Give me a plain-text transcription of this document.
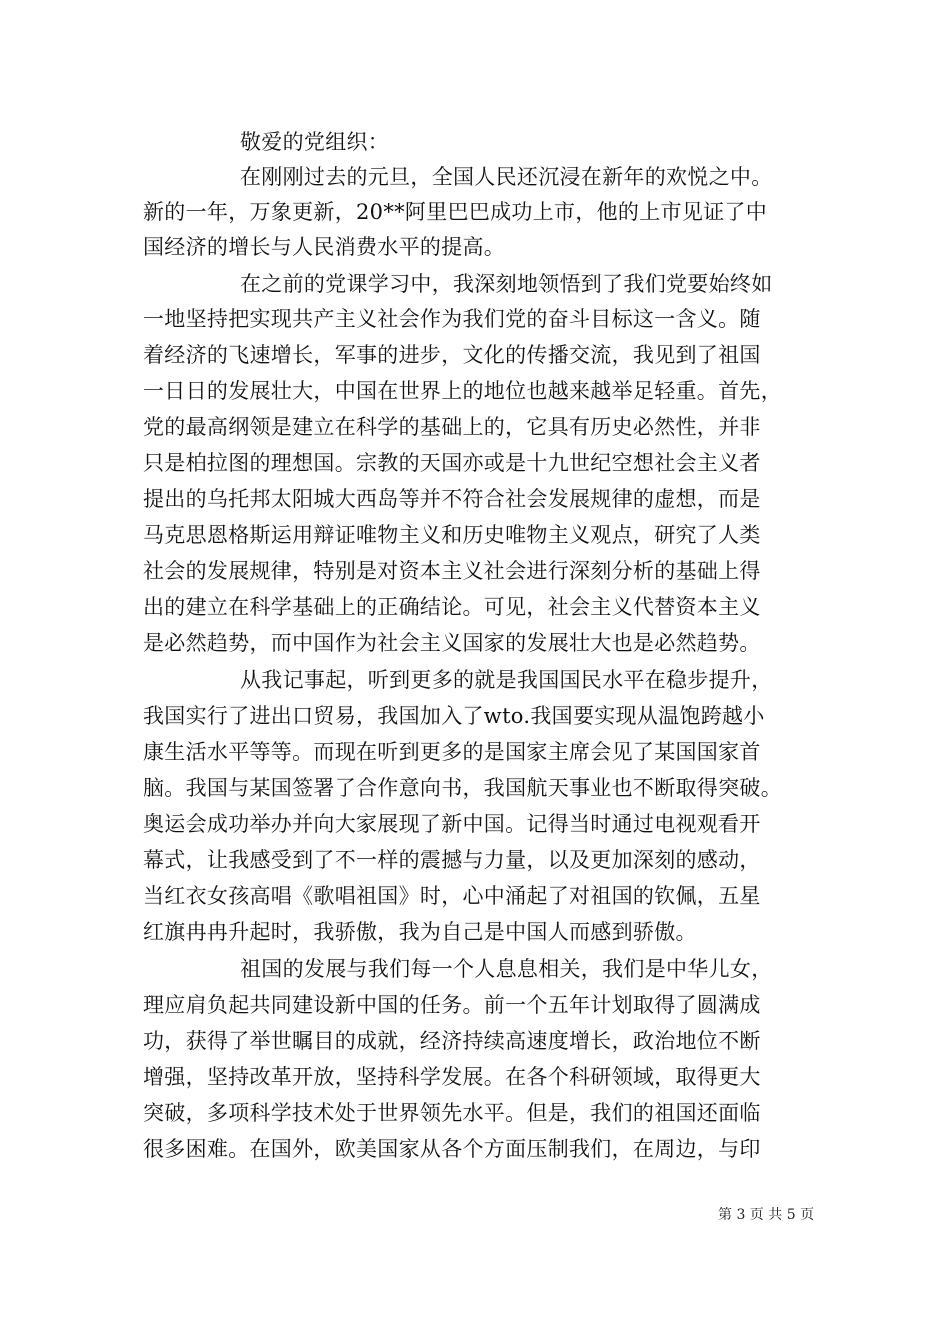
敬爱的党组织：
在刚刚过去的元旦，全国人民还沉浸在新年的欢悦之中。
新的一年，万象更新，20**阿里巴巴成功上市，他的上市见证了中
国经济的增长与人民消费水平的提高。
在之前的党课学习中，我深刻地领悟到了我们党要始终如
一地坚持把实现共产主义社会作为我们党的奋斗目标这一含义。随
着经济的飞速增长，军事的进步，文化的传播交流，我见到了祖国
一日日的发展壮大，中国在世界上的地位也越来越举足轻重。首先，
党的最高纲领是建立在科学的基础上的，它具有历史必然性，并非
只是柏拉图的理想国。宗教的天国亦或是十九世纪空想社会主义者
提出的乌托邦太阳城大西岛等并不符合社会发展规律的虚想，而是
马克思恩格斯运用辩证唯物主义和历史唯物主义观点，研究了人类
社会的发展规律，特别是对资本主义社会进行深刻分析的基础上得
出的建立在科学基础上的正确结论。可见，社会主义代替资本主义
是必然趋势，而中国作为社会主义国家的发展壮大也是必然趋势。
从我记事起，听到更多的就是我国国民水平在稳步提升，
我国实行了进出口贸易，我国加入了wto.我国要实现从温饱跨越小
康生活水平等等。而现在听到更多的是国家主席会见了某国国家首
脑。我国与某国签署了合作意向书，我国航天事业也不断取得突破。
奥运会成功举办并向大家展现了新中国。记得当时通过电视观看开
幕式，让我感受到了不一样的震撼与力量，以及更加深刻的感动，
当红衣女孩高唱《歌唱祖国》时，心中涌起了对祖国的钦佩，五星
红旗冉冉升起时，我骄傲，我为自己是中国人而感到骄傲。
祖国的发展与我们每一个人息息相关，我们是中华儿女，
理应肩负起共同建设新中国的任务。前一个五年计划取得了圆满成
功，获得了举世瞩目的成就，经济持续高速度增长，政治地位不断
增强，坚持改革开放，坚持科学发展。在各个科研领域，取得更大
突破，多项科学技术处于世界领先水平。但是，我们的祖国还面临
很多困难。在国外，欧美国家从各个方面压制我们，在周边，与印
第 3 页 共 5 页
